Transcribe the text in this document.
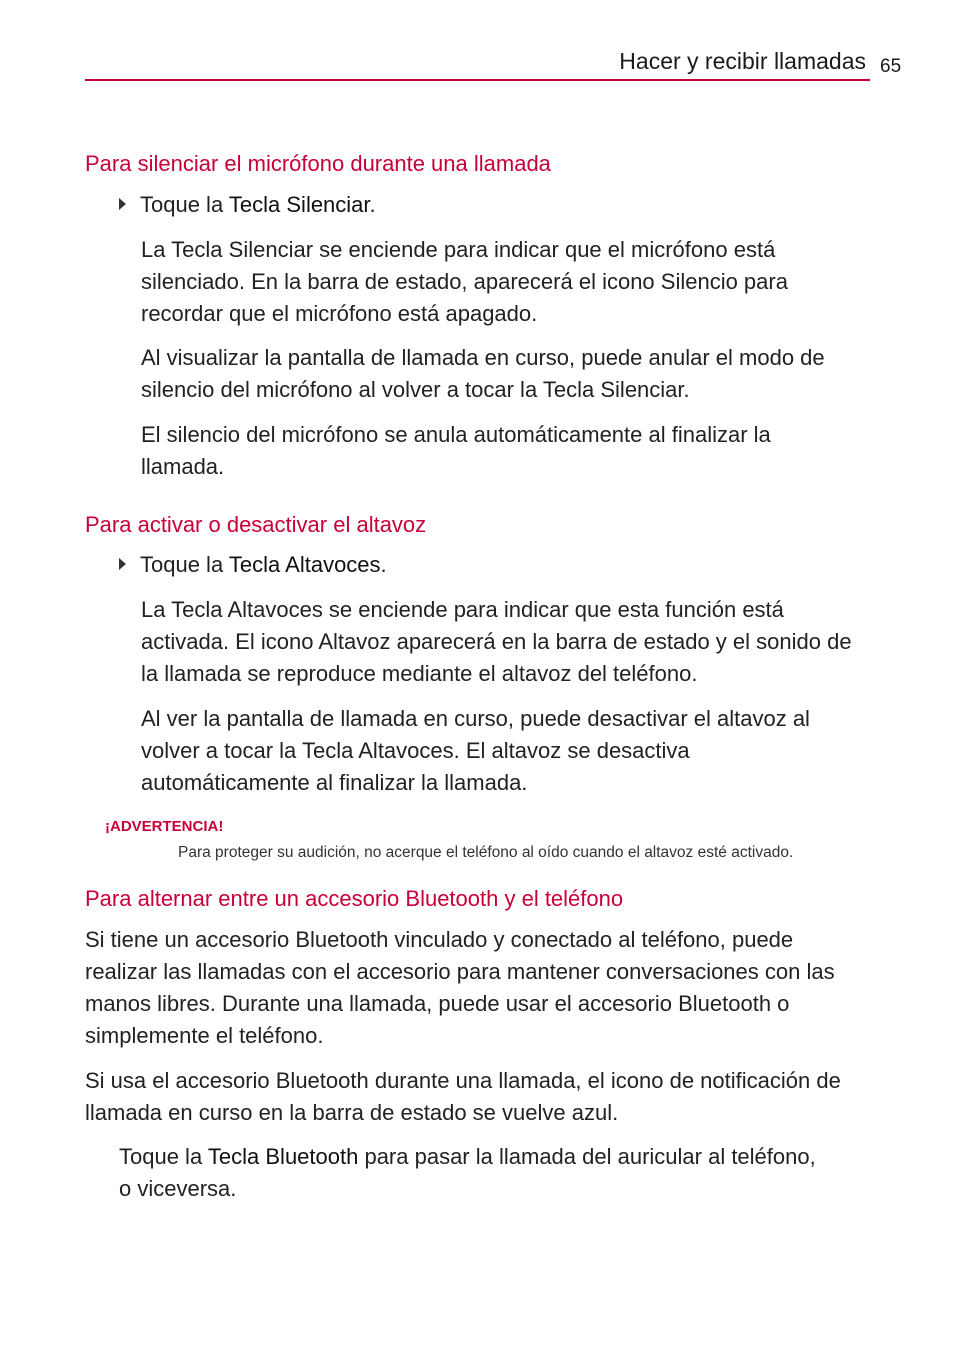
Hacer y recibir llamadas 65
Para silenciar el micrófono durante una llamada
Toque la Tecla Silenciar.
La Tecla Silenciar se enciende para indicar que el micrófono está silenciado. En la barra de estado, aparecerá el icono Silencio para recordar que el micrófono está apagado.
Al visualizar la pantalla de llamada en curso, puede anular el modo de silencio del micrófono al volver a tocar la Tecla Silenciar.
El silencio del micrófono se anula automáticamente al finalizar la llamada.
Para activar o desactivar el altavoz
Toque la Tecla Altavoces.
La Tecla Altavoces se enciende para indicar que esta función está activada. El icono Altavoz aparecerá en la barra de estado y el sonido de la llamada se reproduce mediante el altavoz del teléfono.
Al ver la pantalla de llamada en curso, puede desactivar el altavoz al volver a tocar la Tecla Altavoces. El altavoz se desactiva automáticamente al finalizar la llamada.
¡ADVERTENCIA!
Para proteger su audición, no acerque el teléfono al oído cuando el altavoz esté activado.
Para alternar entre un accesorio Bluetooth y el teléfono
Si tiene un accesorio Bluetooth vinculado y conectado al teléfono, puede realizar las llamadas con el accesorio para mantener conversaciones con las manos libres. Durante una llamada, puede usar el accesorio Bluetooth o simplemente el teléfono.
Si usa el accesorio Bluetooth durante una llamada, el icono de notificación de llamada en curso en la barra de estado se vuelve azul.
Toque la Tecla Bluetooth para pasar la llamada del auricular al teléfono, o viceversa.
